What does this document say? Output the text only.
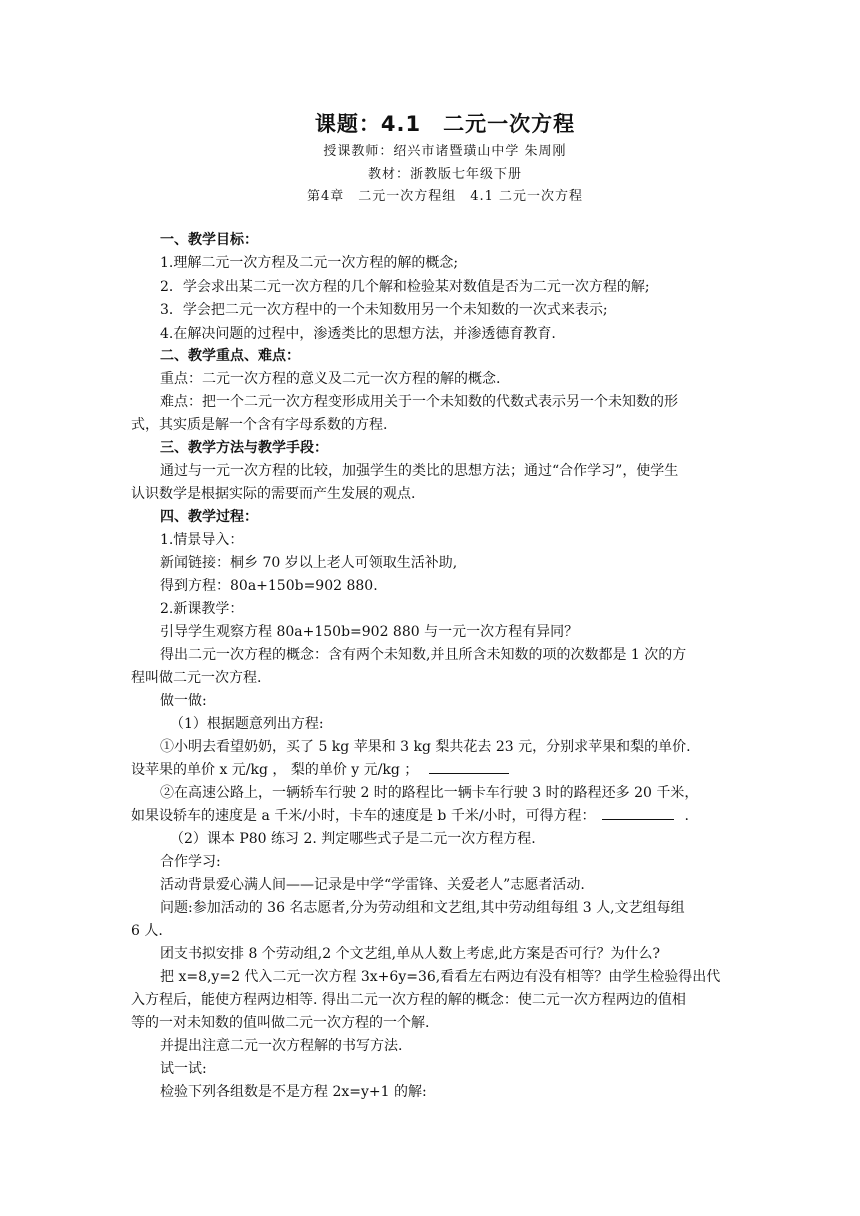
课题：4.1　二元一次方程
授课教师：绍兴市诸暨璜山中学 朱周刚
教材：浙教版七年级下册
第4章　二元一次方程组　4.1 二元一次方程
一、教学目标：
1.理解二元一次方程及二元一次方程的解的概念;
2．学会求出某二元一次方程的几个解和检验某对数值是否为二元一次方程的解;
3．学会把二元一次方程中的一个未知数用另一个未知数的一次式来表示;
4.在解决问题的过程中，渗透类比的思想方法，并渗透德育教育.
二、教学重点、难点：
重点：二元一次方程的意义及二元一次方程的解的概念.
难点：把一个二元一次方程变形成用关于一个未知数的代数式表示另一个未知数的形
式，其实质是解一个含有字母系数的方程.
三、教学方法与教学手段：
通过与一元一次方程的比较，加强学生的类比的思想方法；通过“合作学习”，使学生
认识数学是根据实际的需要而产生发展的观点.
四、教学过程：
1.情景导入：
新闻链接：桐乡 70 岁以上老人可领取生活补助,
得到方程：80a+150b=902 880.
2.新课教学：
引导学生观察方程 80a+150b=902 880 与一元一次方程有异同？
得出二元一次方程的概念：含有两个未知数,并且所含未知数的项的次数都是 1 次的方
程叫做二元一次方程.
做一做:
（1）根据题意列出方程:
①小明去看望奶奶，买了 5 kg 苹果和 3 kg 梨共花去 23 元，分别求苹果和梨的单价.
设苹果的单价 x 元/kg ， 梨的单价 y 元/kg ；
②在高速公路上，一辆轿车行驶 2 时的路程比一辆卡车行驶 3 时的路程还多 20 千米，
如果设轿车的速度是 a 千米/小时，卡车的速度是 b 千米/小时，可得方程：	.
（2）课本 P80 练习 2. 判定哪些式子是二元一次方程方程.
合作学习:
活动背景爱心满人间——记录是中学“学雷锋、关爱老人”志愿者活动.
问题:参加活动的 36 名志愿者,分为劳动组和文艺组,其中劳动组每组 3 人,文艺组每组
6 人.
团支书拟安排 8 个劳动组,2 个文艺组,单从人数上考虑,此方案是否可行？为什么?
把 x=8,y=2 代入二元一次方程 3x+6y=36,看看左右两边有没有相等？由学生检验得出代
入方程后，能使方程两边相等. 得出二元一次方程的解的概念：使二元一次方程两边的值相
等的一对未知数的值叫做二元一次方程的一个解.
并提出注意二元一次方程解的书写方法.
试一试:
检验下列各组数是不是方程 2x=y+1 的解:
